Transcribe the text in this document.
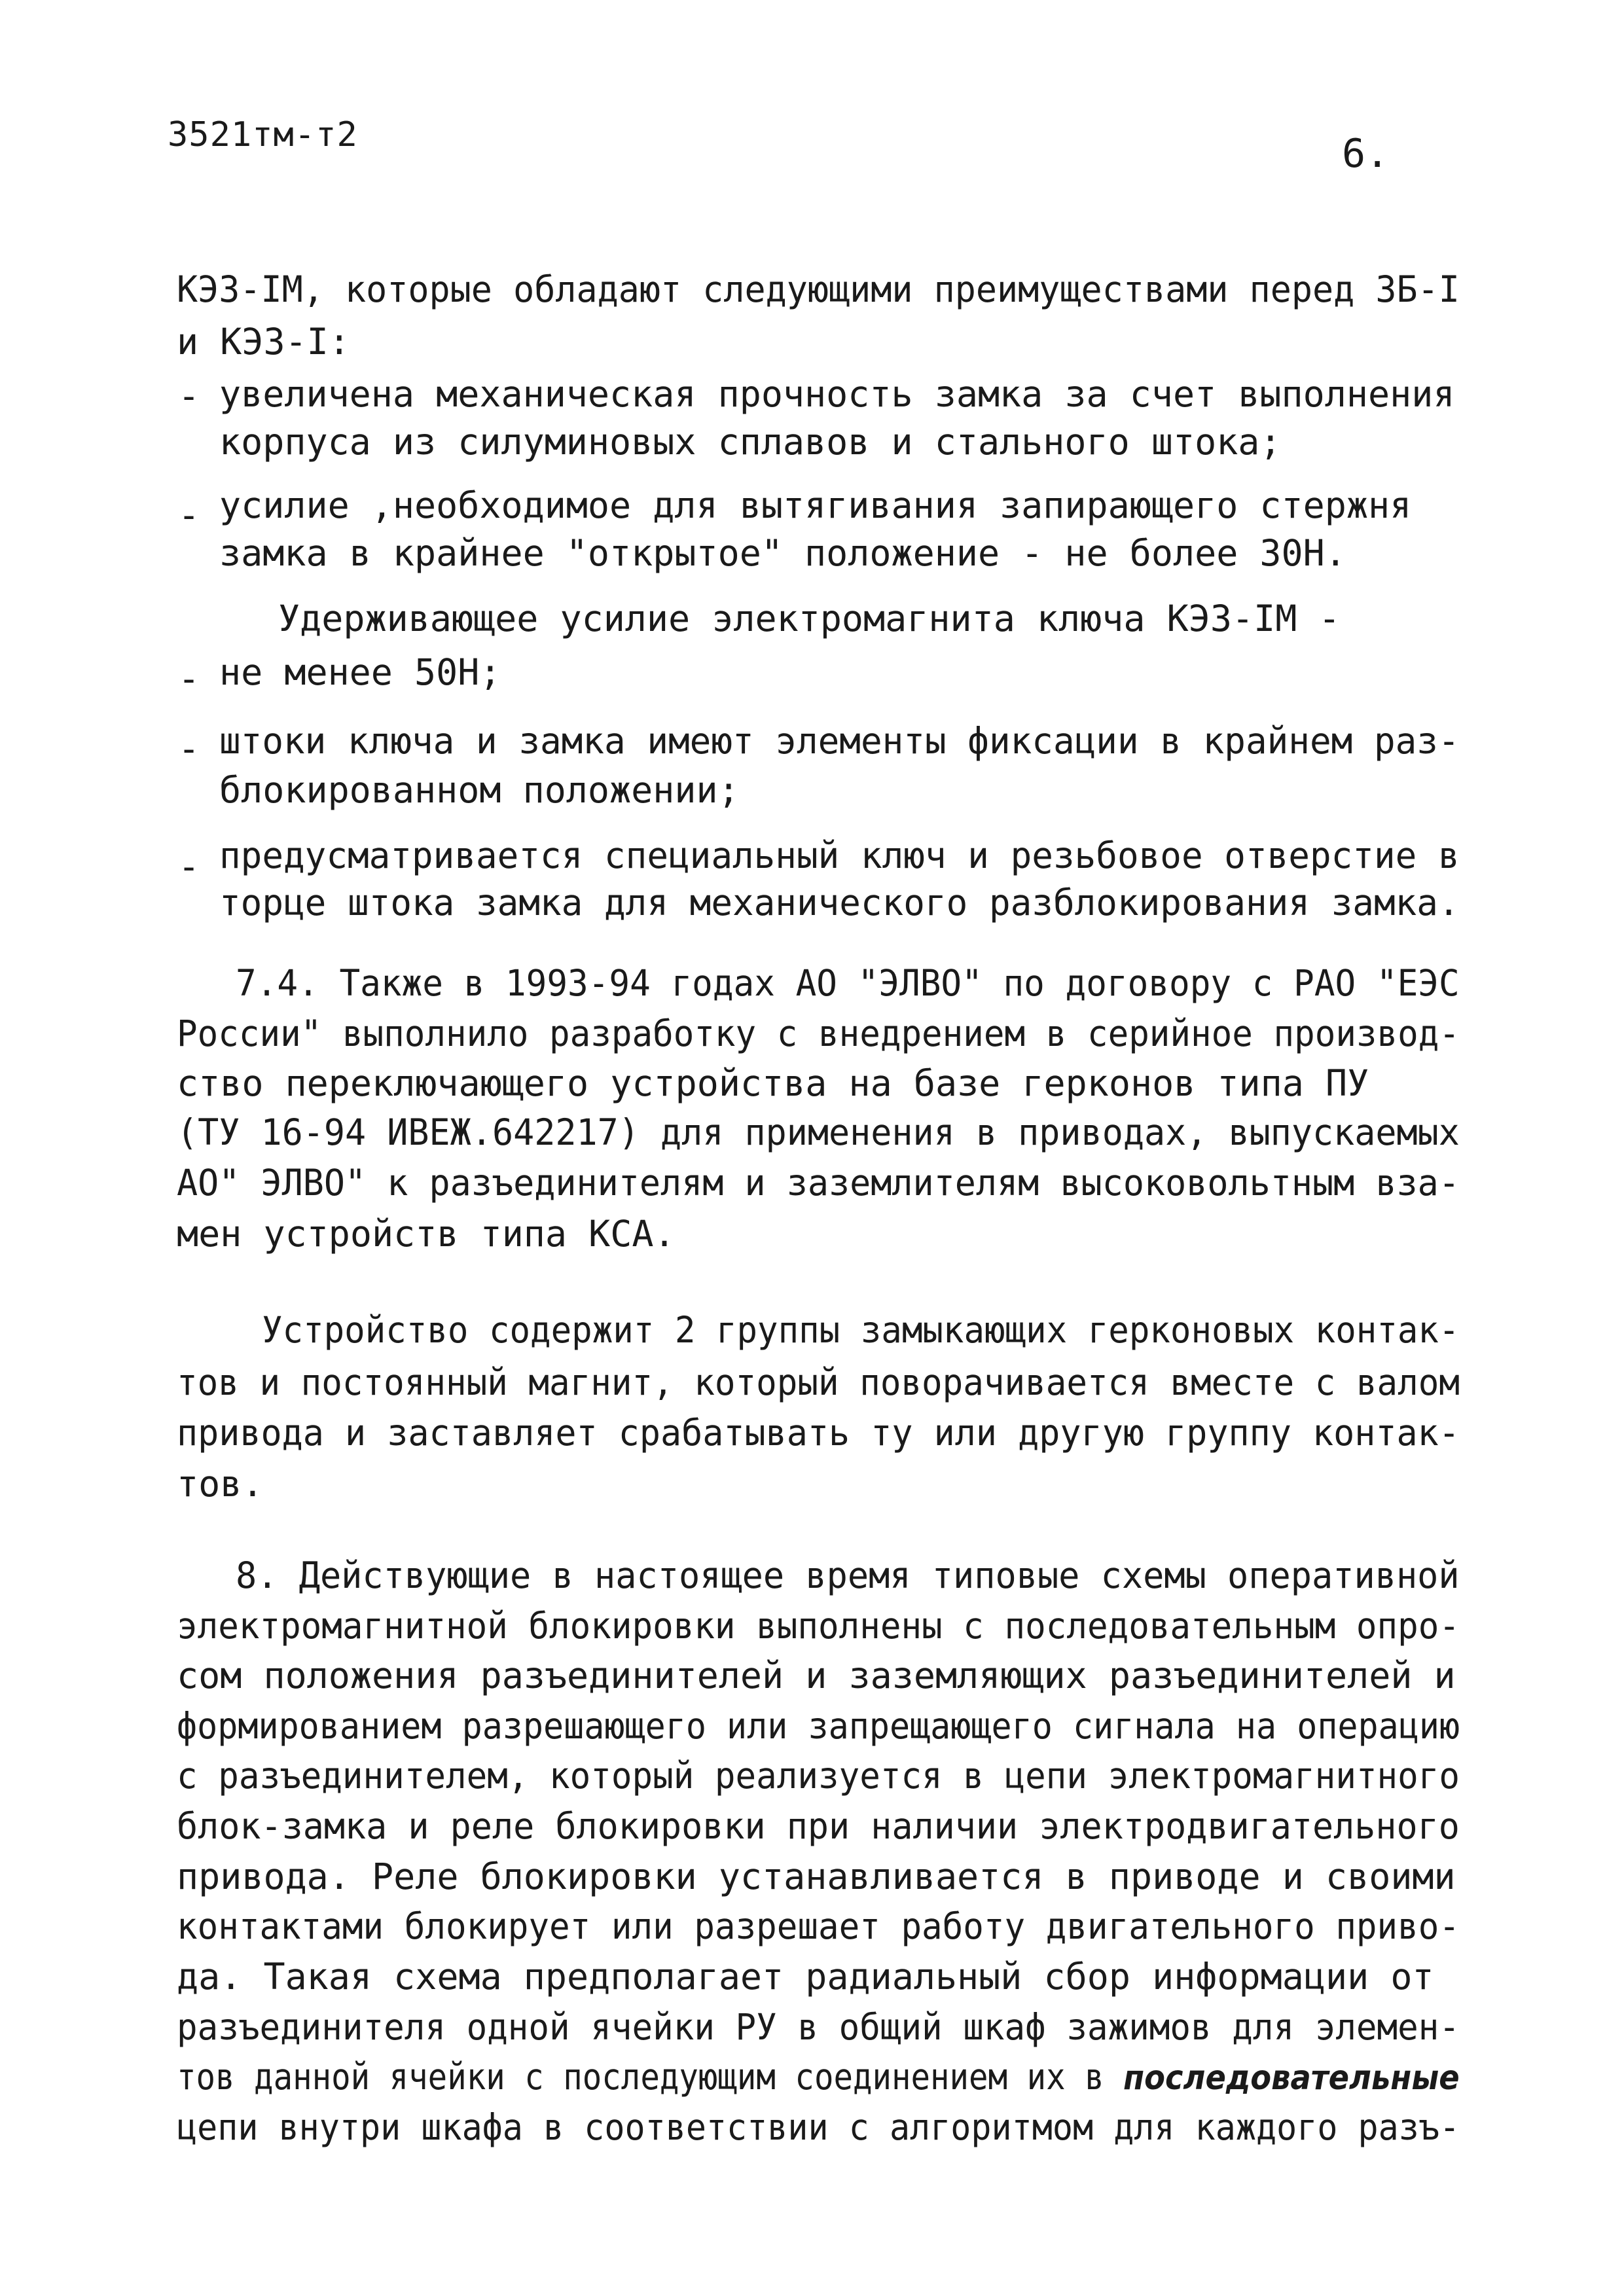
3521тм-т2	6.
КЭЗ-IМ, которые обладают следующими преимуществами перед ЗБ-I
и КЭЗ-I:
- увеличена механическая прочность замка за счет выполнения
корпуса из силуминовых сплавов и стального штока;
- усилие ,необходимое для вытягивания запирающего стержня
замка в крайнее "открытое" положение - не более 30Н.
Удерживающее усилие электромагнита ключа КЭЗ-IМ -
- не менее 50Н;
- штоки ключа и замка имеют элементы фиксации в крайнем раз-
блокированном положении;
- предусматривается специальный ключ и резьбовое отверстие в
торце штока замка для механического разблокирования замка.
7.4. Также в 1993-94 годах АО "ЭЛВО" по договору с РАО "ЕЭС
России" выполнило разработку с внедрением в серийное производ-
ство переключающего устройства на базе герконов типа ПУ
(ТУ 16-94 ИВЕЖ.642217) для применения в приводах, выпускаемых
АО" ЭЛВО" к разъединителям и заземлителям высоковольтным вза-
мен устройств типа КСА.
Устройство содержит 2 группы замыкающих герконовых контак-
тов и постоянный магнит, который поворачивается вместе с валом
привода и заставляет срабатывать ту или другую группу контак-
тов.
8. Действующие в настоящее время типовые схемы оперативной
электромагнитной блокировки выполнены с последовательным опро-
сом положения разъединителей и заземляющих разъединителей и
формированием разрешающего или запрещающего сигнала на операцию
с разъединителем, который реализуется в цепи электромагнитного
блок-замка и реле блокировки при наличии электродвигательного
привода. Реле блокировки устанавливается в приводе и своими
контактами блокирует или разрешает работу двигательного приво-
да. Такая схема предполагает радиальный сбор информации от
разъединителя одной ячейки РУ в общий шкаф зажимов для элемен-
тов данной ячейки с последующим соединением их в последовательные
цепи внутри шкафа в соответствии с алгоритмом для каждого разъ-
